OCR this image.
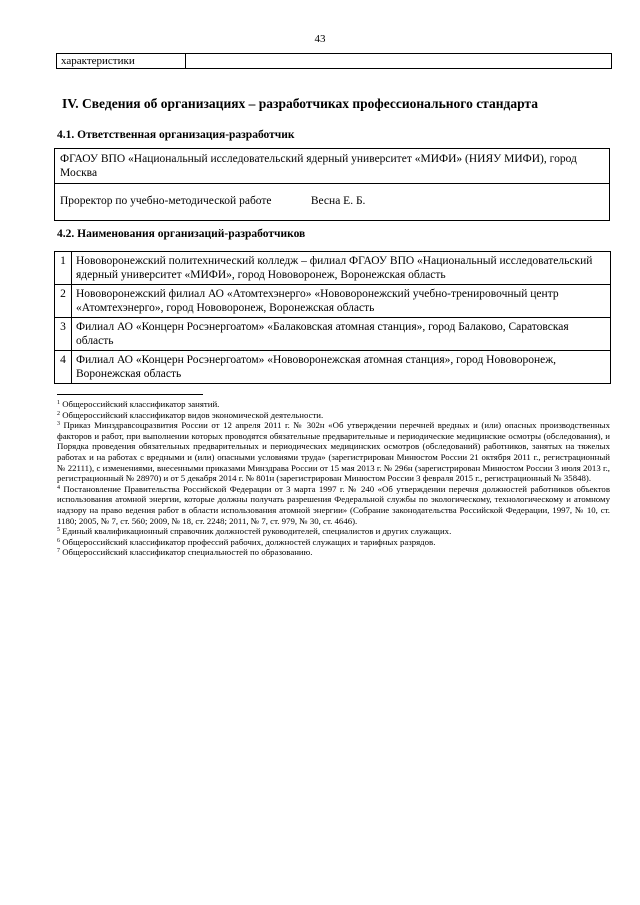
43
характеристики	
IV. Сведения об организациях – разработчиках профессионального стандарта
4.1. Ответственная организация-разработчик
ФГАОУ ВПО «Национальный исследовательский ядерный университет «МИФИ» (НИЯУ МИФИ), город Москва
Проректор по учебно-методической работе	Весна Е. Б.
4.2. Наименования организаций-разработчиков
1	Нововоронежский политехнический колледж – филиал ФГАОУ ВПО «Национальный исследовательский ядерный университет «МИФИ», город Нововоронеж, Воронежская область
2	Нововоронежский филиал АО «Атомтехэнерго» «Нововоронежский учебно-тренировочный центр «Атомтехэнерго», город Нововоронеж, Воронежская область
3	Филиал АО «Концерн Росэнергоатом» «Балаковская атомная станция», город Балаково, Саратовская область
4	Филиал АО «Концерн Росэнергоатом» «Нововоронежская атомная станция», город Нововоронеж, Воронежская область
$^1$ Общероссийский классификатор занятий.
$^2$ Общероссийский классификатор видов экономической деятельности.
$^3$ Приказ Минздравсоцразвития России от 12 апреля 2011 г. № 302н «Об утверждении перечней вредных и (или) опасных производственных факторов и работ, при выполнении которых проводятся обязательные предварительные и периодические медицинские осмотры (обследования), и Порядка проведения обязательных предварительных и периодических медицинских осмотров (обследований) работников, занятых на тяжелых работах и на работах с вредными и (или) опасными условиями труда» (зарегистрирован Минюстом России 21 октября 2011 г., регистрационный № 22111), с изменениями, внесенными приказами Минздрава России от 15 мая 2013 г. № 296н (зарегистрирован Минюстом России 3 июля 2013 г., регистрационный № 28970) и от 5 декабря 2014 г. № 801н (зарегистрирован Минюстом России 3 февраля 2015 г., регистрационный № 35848).
$^4$ Постановление Правительства Российской Федерации от 3 марта 1997 г. № 240 «Об утверждении перечня должностей работников объектов использования атомной энергии, которые должны получать разрешения Федеральной службы по экологическому, технологическому и атомному надзору на право ведения работ в области использования атомной энергии» (Собрание законодательства Российской Федерации, 1997, № 10, ст. 1180; 2005, № 7, ст. 560; 2009, № 18, ст. 2248; 2011, № 7, ст. 979, № 30, ст. 4646).
$^5$ Единый квалификационный справочник должностей руководителей, специалистов и других служащих.
$^6$ Общероссийский классификатор профессий рабочих, должностей служащих и тарифных разрядов.
$^7$ Общероссийский классификатор специальностей по образованию.
